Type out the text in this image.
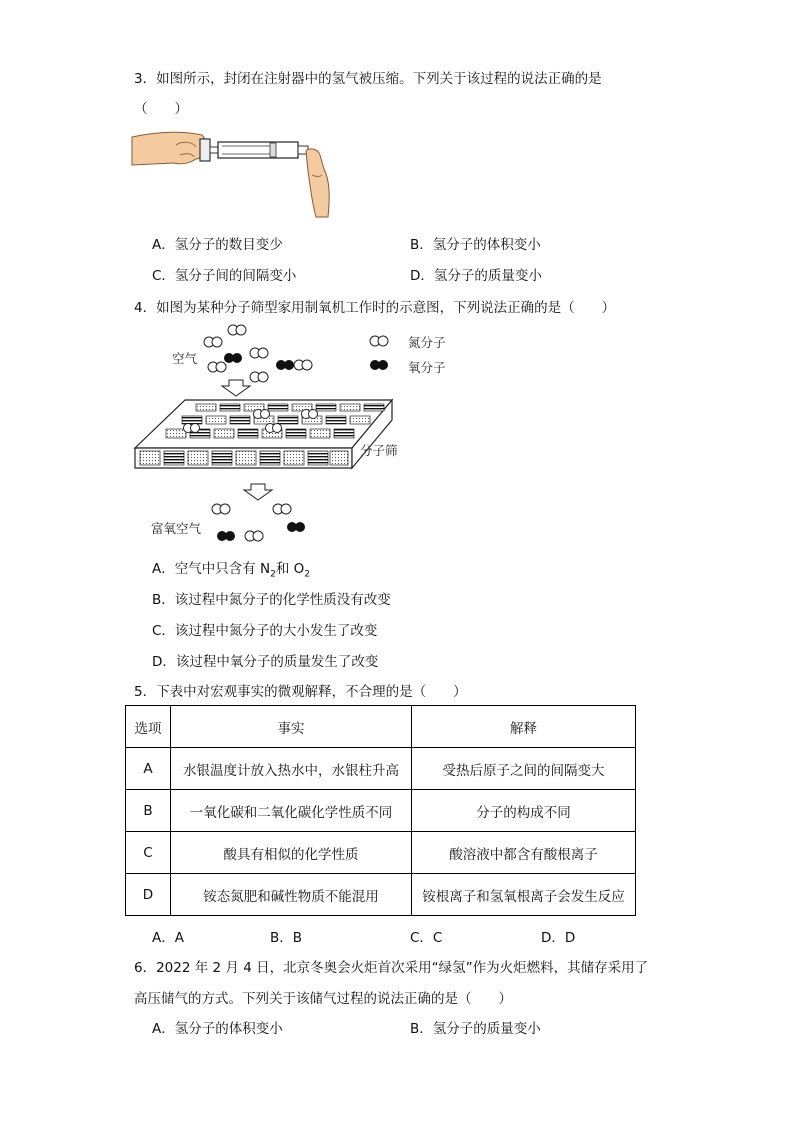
3．如图所示，封闭在注射器中的氢气被压缩。下列关于该过程的说法正确的是
（　　）
A．氢分子的数目变少	B．氢分子的体积变小
C．氢分子间的间隔变小	D．氢分子的质量变小
4．如图为某种分子筛型家用制氧机工作时的示意图，下列说法正确的是（　　）
空气
氮分子
氧分子
分子筛
富氧空气
A．空气中只含有 $N_2$和 $O_2$
B．该过程中氮分子的化学性质没有改变
C．该过程中氮分子的大小发生了改变
D．该过程中氧分子的质量发生了改变
5．下表中对宏观事实的微观解释，不合理的是（　　）
选项	事实	解释
A	水银温度计放入热水中，水银柱升高	受热后原子之间的间隔变大
B	一氧化碳和二氧化碳化学性质不同	分子的构成不同
C	酸具有相似的化学性质	酸溶液中都含有酸根离子
D	铵态氮肥和碱性物质不能混用	铵根离子和氢氧根离子会发生反应
A．A	B．B	C．C	D．D
6．2022 年 2 月 4 日，北京冬奥会火炬首次采用“绿氢”作为火炬燃料，其储存采用了
高压储气的方式。下列关于该储气过程的说法正确的是（　　）
A．氢分子的体积变小	B．氢分子的质量变小
